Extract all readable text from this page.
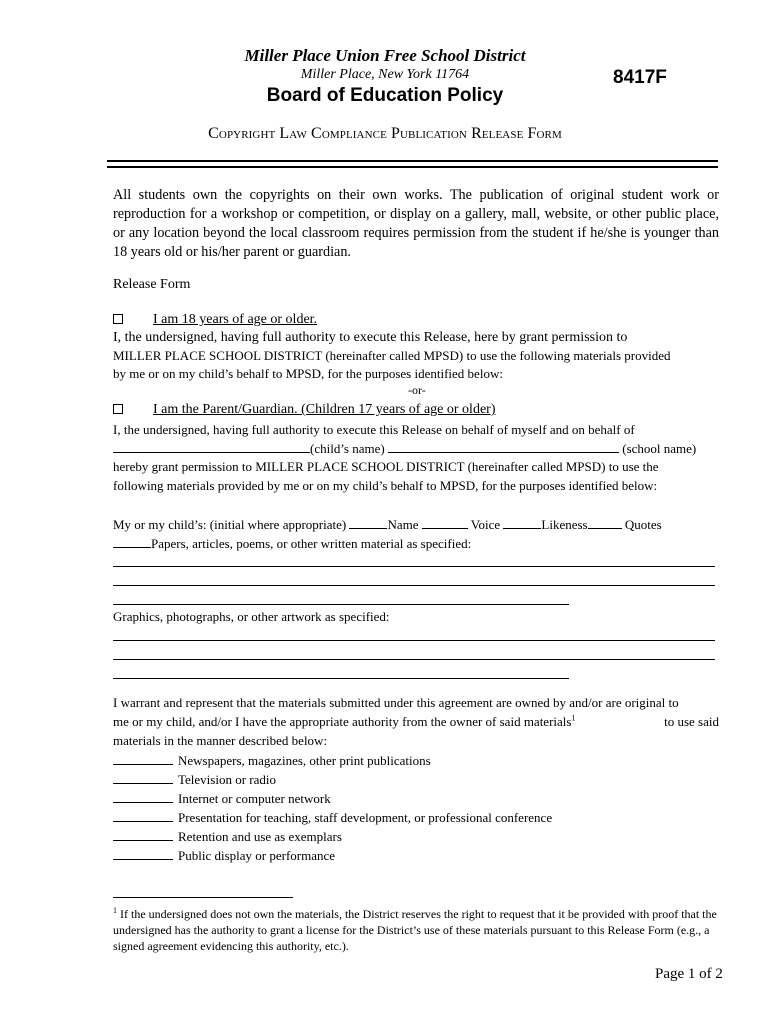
Miller Place Union Free School District
Miller Place, New York 11764	8417F
Board of Education Policy
Copyright Law Compliance Publication Release Form
All students own the copyrights on their own works. The publication of original student work or reproduction for a workshop or competition, or display on a gallery, mall, website, or other public place, or any location beyond the local classroom requires permission from the student if he/she is younger than 18 years old or his/her parent or guardian.
Release Form
I am 18 years of age or older.
I, the undersigned, having full authority to execute this Release, here by grant permission to
MILLER PLACE SCHOOL DISTRICT (hereinafter called MPSD) to use the following materials provided
by me or on my child’s behalf to MPSD, for the purposes identified below:
-or-
I am the Parent/Guardian. (Children 17 years of age or older)
I, the undersigned, having full authority to execute this Release on behalf of myself and on behalf of
(child’s name)	(school name)
hereby grant permission to MILLER PLACE SCHOOL DISTRICT (hereinafter called MPSD) to use the
following materials provided by me or on my child’s behalf to MPSD, for the purposes identified below:
My or my child’s: (initial where appropriate)	Name	Voice	Likeness	Quotes
Papers, articles, poems, or other written material as specified:
Graphics, photographs, or other artwork as specified:
I warrant and represent that the materials submitted under this agreement are owned by and/or are original to
me or my child, and/or I have the appropriate authority from the owner of said materials$^1$	to use said
materials in the manner described below:
Newspapers, magazines, other print publications
Television or radio
Internet or computer network
Presentation for teaching, staff development, or professional conference
Retention and use as exemplars
Public display or performance
$^1$ If the undersigned does not own the materials, the District reserves the right to request that it be provided with proof that the undersigned has the authority to grant a license for the District’s use of these materials pursuant to this Release Form (e.g., a signed agreement evidencing this authority, etc.).
Page 1 of 2
